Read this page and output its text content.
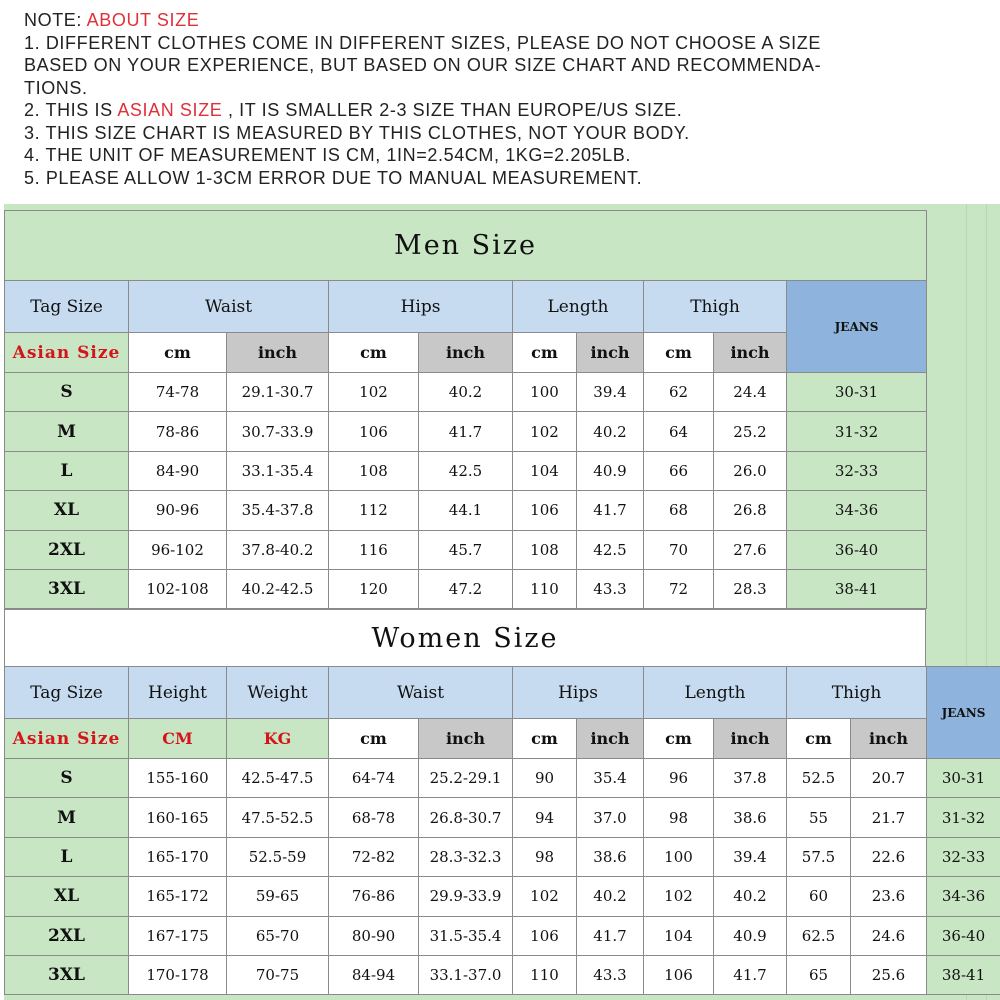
NOTE: ABOUT SIZE
1. DIFFERENT CLOTHES COME IN DIFFERENT SIZES, PLEASE DO NOT CHOOSE A SIZE
BASED ON YOUR EXPERIENCE, BUT BASED ON OUR SIZE CHART AND RECOMMENDA-
TIONS.
2. THIS IS ASIAN SIZE , IT IS SMALLER 2-3 SIZE THAN EUROPE/US SIZE.
3. THIS SIZE CHART IS MEASURED BY THIS CLOTHES, NOT YOUR BODY.
4. THE UNIT OF MEASUREMENT IS CM, 1IN=2.54CM, 1KG=2.205LB.
5. PLEASE ALLOW 1-3CM ERROR DUE TO MANUAL MEASUREMENT.
Men Size									
Tag Size	Waist		Hips		Length		Thigh		JEANS
Asian Size	cm	inch	cm	inch	cm	inch	cm	inch	
S	74-78	29.1-30.7	102	40.2	100	39.4	62	24.4	30-31
M	78-86	30.7-33.9	106	41.7	102	40.2	64	25.2	31-32
L	84-90	33.1-35.4	108	42.5	104	40.9	66	26.0	32-33
XL	90-96	35.4-37.8	112	44.1	106	41.7	68	26.8	34-36
2XL	96-102	37.8-40.2	116	45.7	108	42.5	70	27.6	36-40
3XL	102-108	40.2-42.5	120	47.2	110	43.3	72	28.3	38-41
Women Size
Tag Size	Height	Weight	Waist		Hips		Length		Thigh		JEANS
Asian Size	CM	KG	cm	inch	cm	inch	cm	inch	cm	inch	
S	155-160	42.5-47.5	64-74	25.2-29.1	90	35.4	96	37.8	52.5	20.7	30-31
M	160-165	47.5-52.5	68-78	26.8-30.7	94	37.0	98	38.6	55	21.7	31-32
L	165-170	52.5-59	72-82	28.3-32.3	98	38.6	100	39.4	57.5	22.6	32-33
XL	165-172	59-65	76-86	29.9-33.9	102	40.2	102	40.2	60	23.6	34-36
2XL	167-175	65-70	80-90	31.5-35.4	106	41.7	104	40.9	62.5	24.6	36-40
3XL	170-178	70-75	84-94	33.1-37.0	110	43.3	106	41.7	65	25.6	38-41
